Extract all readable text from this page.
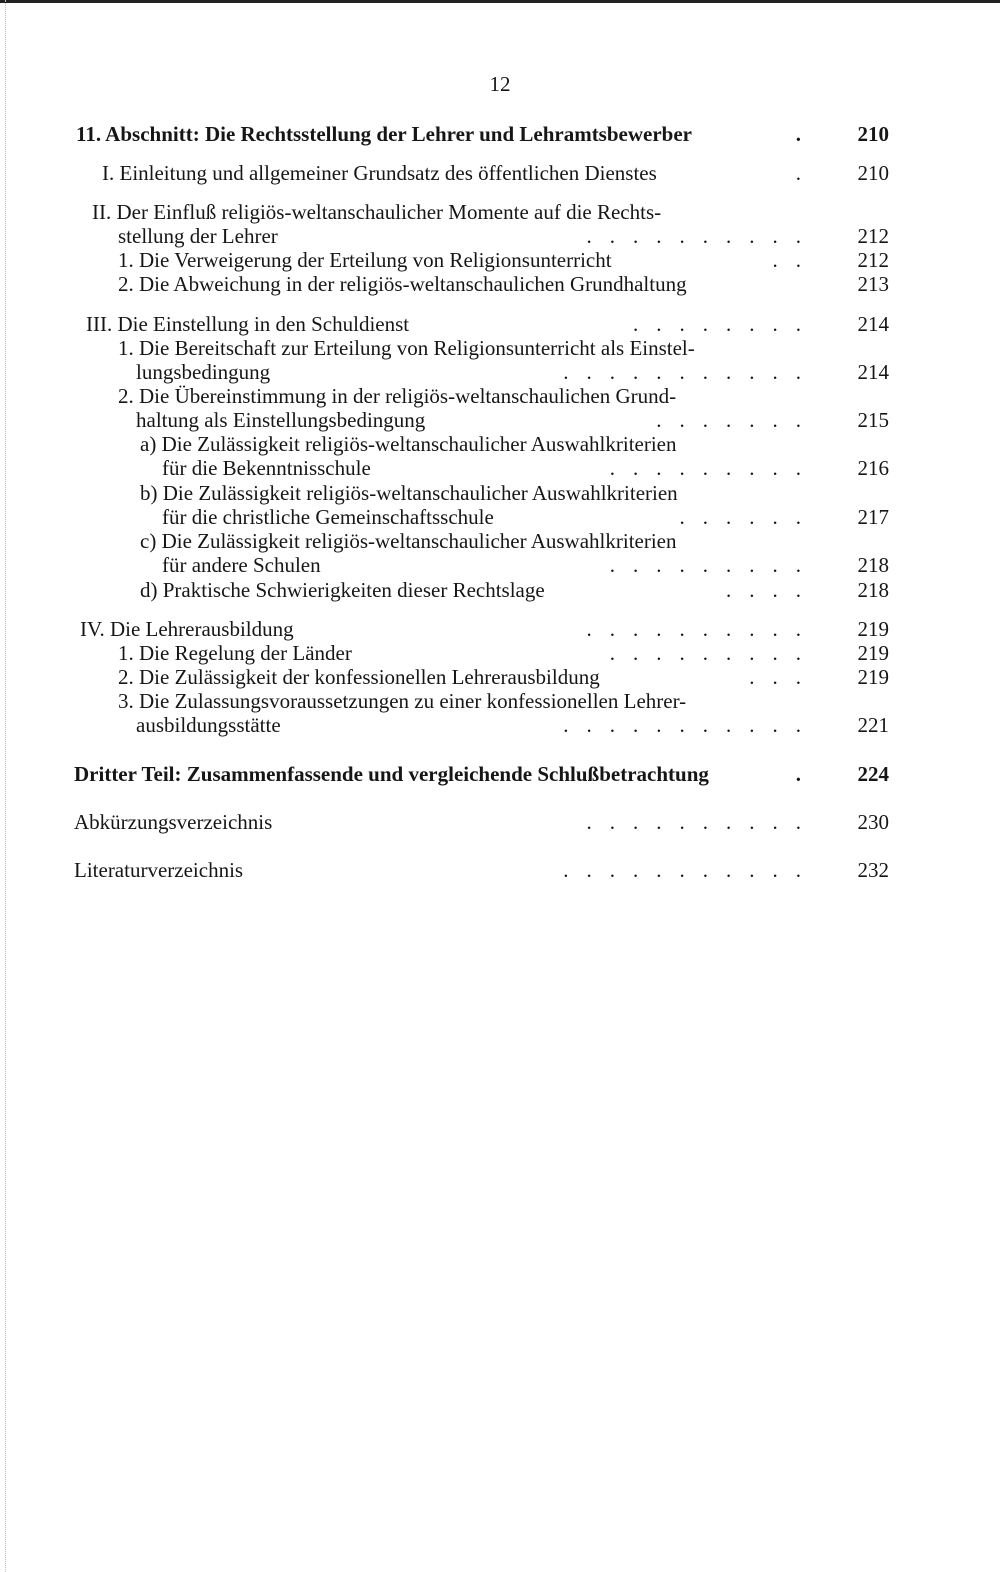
12
11. Abschnitt: Die Rechtsstellung der Lehrer und Lehramtsbewerber	. 210
I. Einleitung und allgemeiner Grundsatz des öffentlichen Dienstes	. 210
II. Der Einfluß religiös-weltanschaulicher Momente auf die Rechts-
stellung der Lehrer	.......... 212
1. Die Verweigerung der Erteilung von Religionsunterricht	.. 212
2. Die Abweichung in der religiös-weltanschaulichen Grundhaltung	213
III. Die Einstellung in den Schuldienst	........ 214
1. Die Bereitschaft zur Erteilung von Religionsunterricht als Einstel-
lungsbedingung	........... 214
2. Die Übereinstimmung in der religiös-weltanschaulichen Grund-
haltung als Einstellungsbedingung	....... 215
a) Die Zulässigkeit religiös-weltanschaulicher Auswahlkriterien
für die Bekenntnisschule	......... 216
b) Die Zulässigkeit religiös-weltanschaulicher Auswahlkriterien
für die christliche Gemeinschaftsschule	...... 217
c) Die Zulässigkeit religiös-weltanschaulicher Auswahlkriterien
für andere Schulen	......... 218
d) Praktische Schwierigkeiten dieser Rechtslage	.... 218
IV. Die Lehrerausbildung	.......... 219
1. Die Regelung der Länder	......... 219
2. Die Zulässigkeit der konfessionellen Lehrerausbildung	... 219
3. Die Zulassungsvoraussetzungen zu einer konfessionellen Lehrer-
ausbildungsstätte	........... 221
Dritter Teil: Zusammenfassende und vergleichende Schlußbetrachtung	. 224
Abkürzungsverzeichnis	.......... 230
Literaturverzeichnis	........... 232
